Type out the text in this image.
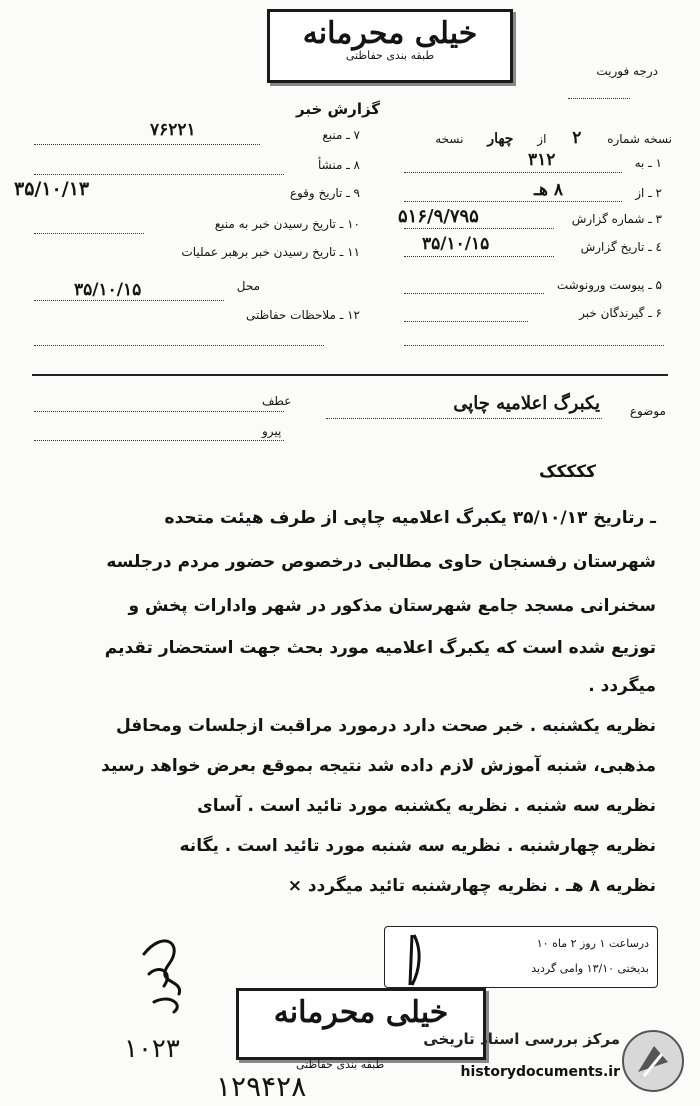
خیلی محرمانه
طبقه بندی حفاظتی
درجه فوریت
گزارش خبر
نسخه شماره ۲ از چهار نسخه
۱ ـ به
۳۱۲
۲ ـ از
۸ هـ
۳ ـ شماره گزارش
۵۱۶/۹/۷۹۵
٤ ـ تاریخ گزارش
۳۵/۱۰/۱۵
۵ ـ پیوست ورونوشت
۶ ـ گیرندگان خبر
۷ ـ منبع
۷۶۲۲۱
۸ ـ منشأ
۹ ـ تاریخ وقوع
۳۵/۱۰/۱۳
۱۰ ـ تاریخ رسیدن خبر به منبع
۱۱ ـ تاریخ رسیدن خبر برهبر عملیات
محل
۳۵/۱۰/۱۵
۱۲ ـ ملاحظات حفاظتی
موضوع
یکبرگ اعلامیه چاپی
عطف
پیرو
ککککک
ـ رتاریخ ۳۵/۱۰/۱۳ یکبرگ اعلامیه چاپی از طرف هیئت متحده
شهرستان رفسنجان حاوی مطالبی درخصوص حضور مردم درجلسه
سخنرانی مسجد جامع شهرستان مذکور در شهر وادارات پخش و
توزیع شده است که یکبرگ اعلامیه مورد بحث جهت استحضار تقدیم
میگردد .
نظریه یکشنبه . خبر صحت دارد درمورد مراقبت ازجلسات ومحافل
مذهبی، شنبه آموزش لازم داده شد نتیجه بموقع بعرض خواهد رسید
نظریه سه شنبه . نظریه یکشنبه مورد تائید است . آسای
نظریه چهارشنبه . نظریه سه شنبه مورد تائید است . یگانه
نظریه ۸ هـ . نظریه چهارشنبه تائید میگردد ×
درساعت ۱ روز ۲ ماه ۱۰
بدیختی ۱۳/۱۰ وامی گردید
خیلی محرمانه
طبقه بندی حفاظتی
۱۰۲۳
۱۲۹۴۲۸
مرکز بررسی اسناد تاریخی
historydocuments.ir
